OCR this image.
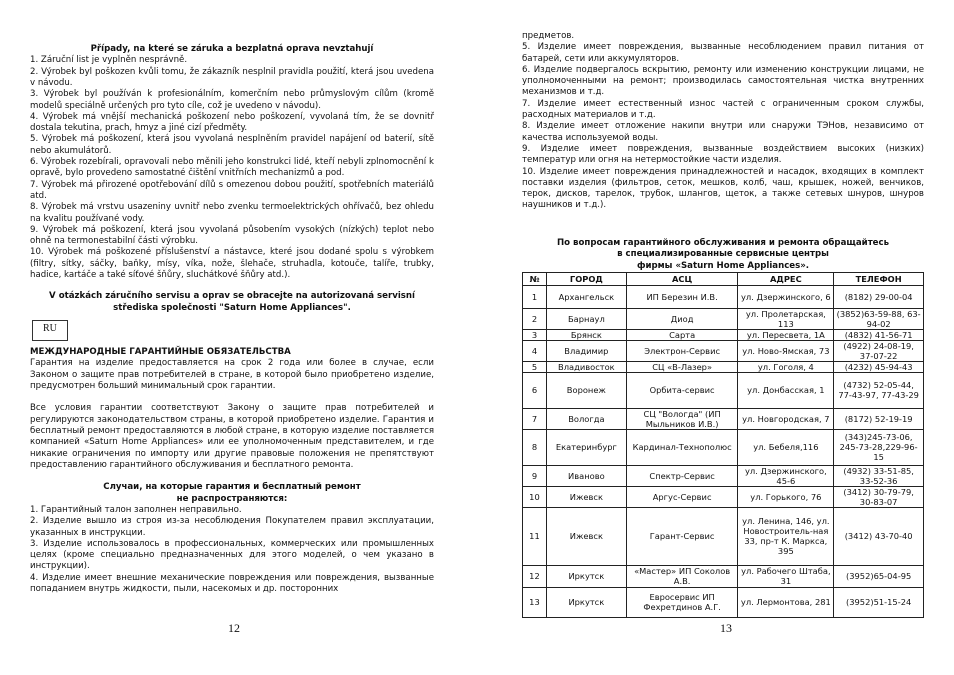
Případy, na které se záruka a bezplatná oprava nevztahují

1. Záruční list je vyplněn nesprávně.

2. Výrobek byl poškozen kvůli tomu, že zákazník nesplnil pravidla použití, která jsou uvedena v návodu.

3. Výrobek byl používán k profesionálním, komerčním nebo průmyslovým cílům (kromě modelů speciálně určených pro tyto cíle, což je uvedeno v návodu).

4. Výrobek má vnější mechanická poškození nebo poškození, vyvolaná tím, že se dovnitř dostala tekutina, prach, hmyz a jiné cizí předměty.

5. Výrobek má poškození, která jsou vyvolaná nesplněním pravidel napájení od baterií, sítě nebo akumulátorů.

6. Výrobek rozebírali, opravovali nebo měnili jeho konstrukci lidé, kteří nebyli zplnomocnění k opravě, bylo provedeno samostatné čištění vnitřních mechanizmů a pod.

7. Výrobek má přirozené opotřebování dílů s omezenou dobou použití, spotřebních materiálů atd.

8. Výrobek má vrstvu usazeniny uvnitř nebo zvenku termoelektrických ohřívačů, bez ohledu na kvalitu používané vody.

9. Výrobek má poškození, která jsou vyvolaná působením vysokých (nízkých) teplot nebo ohně na termonestabilní části výrobku.

10. Výrobek má poškozené příslušenství a nástavce, které jsou dodané spolu s výrobkem (filtry, sítky, sáčky, baňky, mísy, víka, nože, šlehače, struhadla, kotouče, talíře, trubky, hadice, kartáče a také síťové šňůry, sluchátkové šňůry atd.).

V otázkách záručního servisu a oprav se obracejte na autorizovaná servisní střediska společnosti "Saturn Home Appliances".
RU
МЕЖДУНАРОДНЫЕ ГАРАНТИЙНЫЕ ОБЯЗАТЕЛЬСТВА

Гарантия на изделие предоставляется на срок 2 года или более в случае, если Законом о защите прав потребителей в стране, в которой было приобретено изделие, предусмотрен больший минимальный срок гарантии.

Все условия гарантии соответствуют Закону о защите прав потребителей и регулируются законодательством страны, в которой приобретено изделие. Гарантия и бесплатный ремонт предоставляются в любой стране, в которую изделие поставляется компанией «Saturn Home Appliances» или ее уполномоченным представителем, и где никакие ограничения по импорту или другие правовые положения не препятствуют предоставлению гарантийного обслуживания и бесплатного ремонта.

Случаи, на которые гарантия и бесплатный ремонт
не распространяются:

1. Гарантийный талон заполнен неправильно.

2. Изделие вышло из строя из-за несоблюдения Покупателем правил эксплуатации, указанных в инструкции.

3. Изделие использовалось в профессиональных, коммерческих или промышленных целях (кроме специально предназначенных для этого моделей, о чем указано в инструкции).

4. Изделие имеет внешние механические повреждения или повреждения, вызванные попаданием внутрь жидкости, пыли, насекомых и др. посторонних

12

предметов.

5. Изделие имеет повреждения, вызванные несоблюдением правил питания от батарей, сети или аккумуляторов.

6. Изделие подвергалось вскрытию, ремонту или изменению конструкции лицами, не уполномоченными на ремонт; производилась самостоятельная чистка внутренних механизмов и т.д.

7. Изделие имеет естественный износ частей с ограниченным сроком службы, расходных материалов и т.д.

8. Изделие имеет отложение накипи внутри или снаружи ТЭНов, независимо от качества используемой воды.

9. Изделие имеет повреждения, вызванные воздействием высоких (низких) температур или огня на нетермостойкие части изделия.

10. Изделие имеет повреждения принадлежностей и насадок, входящих в комплект поставки изделия (фильтров, сеток, мешков, колб, чаш, крышек, ножей, венчиков, терок, дисков, тарелок, трубок, шлангов, щеток, а также сетевых шнуров, шнуров наушников и т.д.).

По вопросам гарантийного обслуживания и ремонта обращайтесь
в специализированные сервисные центры
фирмы «Saturn Home Appliances».
№	ГОРОД	АСЦ	АДРЕС	ТЕЛЕФОН
1	Архангельск	ИП Березин И.В.	ул. Дзержинского, 6	(8182) 29-00-04
2	Барнаул	Диод	ул. Пролетарская, 113	(3852)63-59-88, 63-94-02
3	Брянск	Сарта	ул. Пересвета, 1А	(4832) 41-56-71
4	Владимир	Электрон-Сервис	ул. Ново-Ямская, 73	(4922) 24-08-19, 37-07-22
5	Владивосток	СЦ «В-Лазер»	ул. Гоголя, 4	(4232) 45-94-43
6	Воронеж	Орбита-сервис	ул. Донбасская, 1	(4732) 52-05-44, 77-43-97, 77-43-29
7	Вологда	СЦ "Вологда" (ИП Мыльников И.В.)	ул. Новгородская, 7	(8172) 52-19-19
8	Екатеринбург	Кардинал-Технополюс	ул. Бебеля,116	(343)245-73-06, 245-73-28,229-96-15
9	Иваново	Спектр-Сервис	ул. Дзержинского, 45-6	(4932) 33-51-85, 33-52-36
10	Ижевск	Аргус-Сервис	ул. Горького, 76	(3412) 30-79-79, 30-83-07
11	Ижевск	Гарант-Сервис	ул. Ленина, 146, ул. Новостроитель-ная 33, пр-т К. Маркса, 395	(3412) 43-70-40
12	Иркутск	«Мастер» ИП Соколов А.В.	ул. Рабочего Штаба, 31	(3952)65-04-95
13	Иркутск	Евросервис ИП Фехретдинов А.Г.	ул. Лермонтова, 281	(3952)51-15-24
13
